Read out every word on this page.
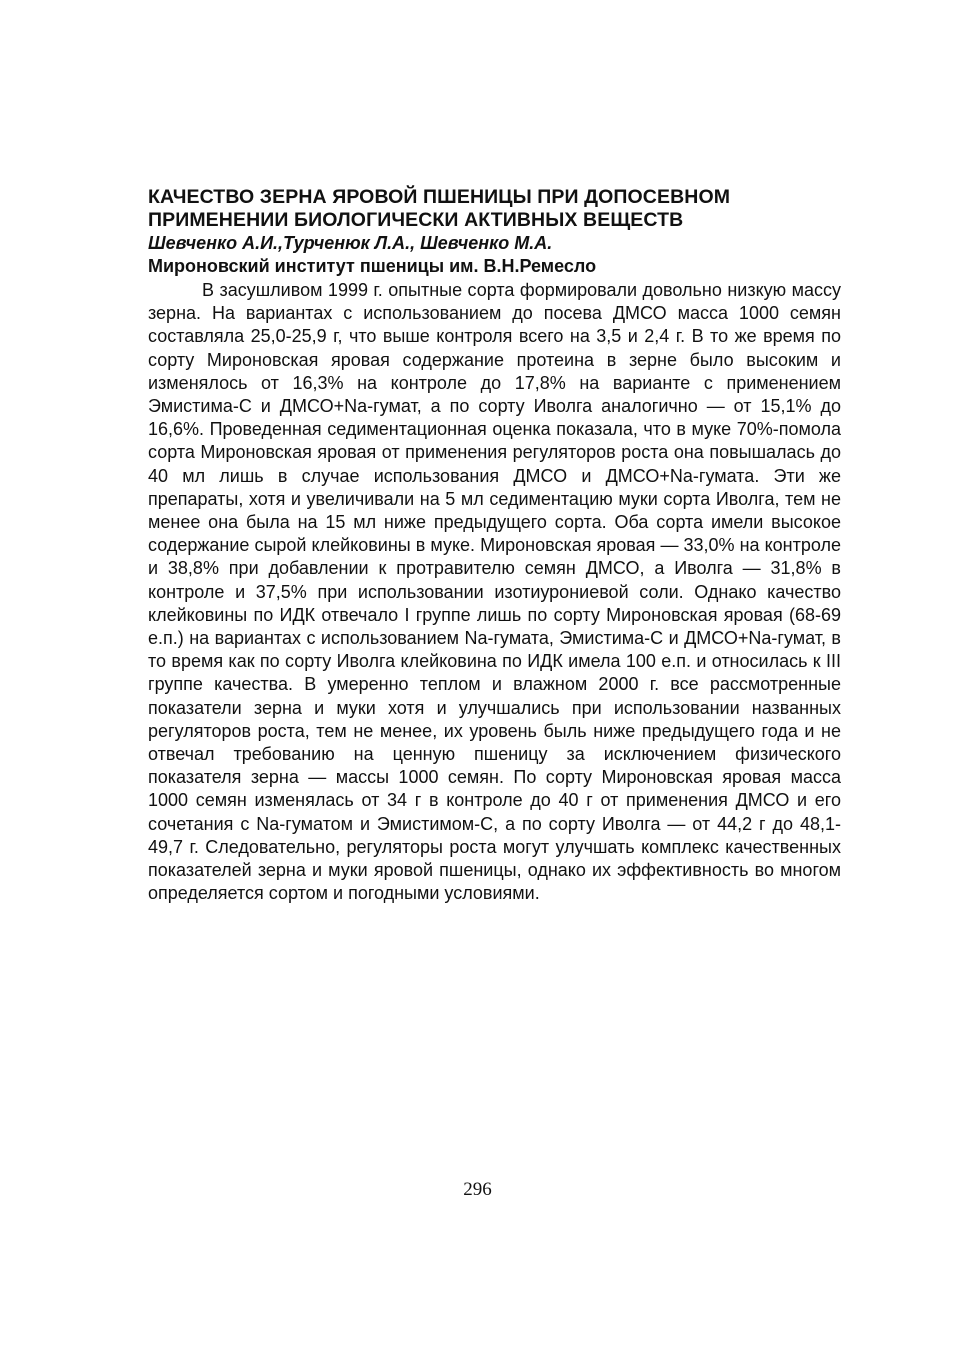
КАЧЕСТВО ЗЕРНА ЯРОВОЙ ПШЕНИЦЫ ПРИ ДОПОСЕВНОМ ПРИМЕНЕНИИ БИОЛОГИЧЕСКИ АКТИВНЫХ ВЕЩЕСТВ

Шевченко А.И.,Турченюк Л.А., Шевченко М.А.

Мироновский институт пшеницы им. В.Н.Ремесло

В засушливом 1999 г. опытные сорта формировали довольно низкую массу зерна. На вариантах с использованием до посева ДМСО масса 1000 семян составляла 25,0-25,9 г, что выше контроля всего на 3,5 и 2,4 г. В то же время по сорту Мироновская яровая содержание протеина в зерне было высоким и изменялось от 16,3% на контроле до 17,8% на варианте с применением Эмистима-С и ДМСО+Na-гумат, а по сорту Иволга аналогично — от 15,1% до 16,6%. Проведенная седиментационная оценка показала, что в муке 70%-помола сорта Мироновская яровая от применения регуляторов роста она повышалась до 40 мл лишь в случае использования ДМСО и ДМСО+Na-гумата. Эти же препараты, хотя и увеличивали на 5 мл седиментацию муки сорта Иволга, тем не менее она была на 15 мл ниже предыдущего сорта. Оба сорта имели высокое содержание сырой клейковины в муке. Мироновская яровая — 33,0% на контроле и 38,8% при добавлении к протравителю семян ДМСО, а Иволга — 31,8% в контроле и 37,5% при использовании изотиурониевой соли. Однако качество клейковины по ИДК отвечало I группе лишь по сорту Мироновская яровая (68-69 е.п.) на вариантах с использованием Na-гумата, Эмистима-С и ДМСО+Na-гумат, в то время как по сорту Иволга клейковина по ИДК имела 100 е.п. и относилась к III группе качества. В умеренно теплом и влажном 2000 г. все рассмотренные показатели зерна и муки хотя и улучшались при использовании названных регуляторов роста, тем не менее, их уровень быль ниже предыдущего года и не отвечал требованию на ценную пшеницу за исключением физического показателя зерна — массы 1000 семян. По сорту Мироновская яровая масса 1000 семян изменялась от 34 г в контроле до 40 г от применения ДМСО и его сочетания с Na-гуматом и Эмистимом-С, а по сорту Иволга — от 44,2 г до 48,1-49,7 г. Следовательно, регуляторы роста могут улучшать комплекс качественных показателей зерна и муки яровой пшеницы, однако их эффективность во многом определяется сортом и погодными условиями.

296
